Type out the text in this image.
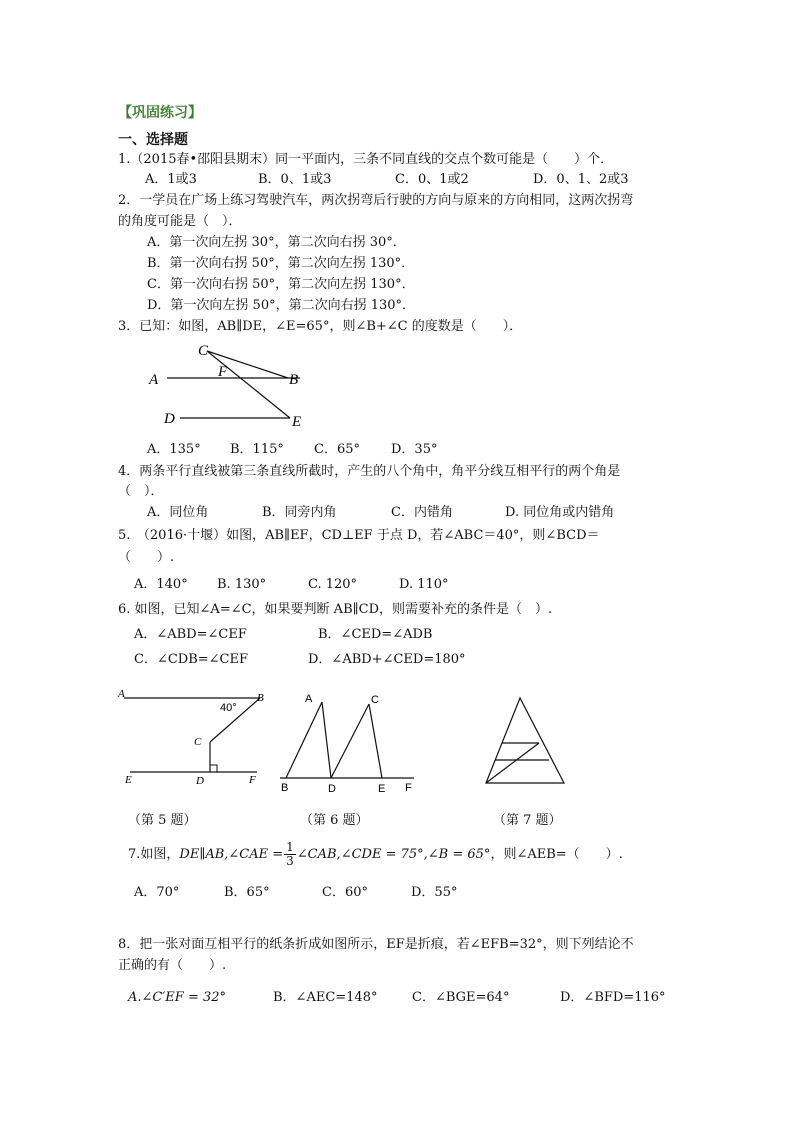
【巩固练习】
一、选择题
1.（2015春•邵阳县期末）同一平面内，三条不同直线的交点个数可能是（　　）个．
A．1或3	B．0、1或3	C．0、1或2	D．0、1、2或3
2．一学员在广场上练习驾驶汽车，两次拐弯后行驶的方向与原来的方向相同，这两次拐弯
的角度可能是（　）．
A．第一次向左拐 30°，第二次向右拐 30°．
B．第一次向右拐 50°，第二次向左拐 130°．
C．第一次向右拐 50°，第二次向左拐 130°．
D．第一次向左拐 50°，第二次向右拐 130°．
3．已知：如图，AB∥DE，∠E=65°，则∠B+∠C 的度数是（　　）．
C
A	F	B
D	E
A．135° B．115° C．65° D．35°
4．两条平行直线被第三条直线所截时，产生的八个角中，角平分线互相平行的两个角是
（　）．
A．同位角	B．同旁内角	C．内错角	D. 同位角或内错角
5.　（2016·十堰）如图，AB∥EF，CD⊥EF 于点 D，若∠ABC＝40°，则∠BCD＝
（　　）.
A．140° B. 130°	C. 120°	D. 110°
6. 如图，已知∠A=∠C，如果要判断 AB∥CD，则需要补充的条件是（　）.
A．∠ABD=∠CEF	B．∠CED=∠ADB
C．∠CDB=∠CEF	D．∠ABD+∠CED=180°
A	B
40°
C
E	D	F
A	C
B	D	E F
（第 5 题）	（第 6 题）	（第 7 题）
7.如图，DE∥AB,∠CAE = $\frac{1}{3}$ ∠CAB,∠CDE = 75°,∠B = 65°，则∠AEB=（　　）.
A．70°	B．65°	C．60°	D．55°
8．把一张对面互相平行的纸条折成如图所示，EF是折痕，若∠EFB=32°，则下列结论不
正确的有（　　）.
A.∠C′EF = 32°	B．∠AEC=148°	C．∠BGE=64°	D．∠BFD=116°
